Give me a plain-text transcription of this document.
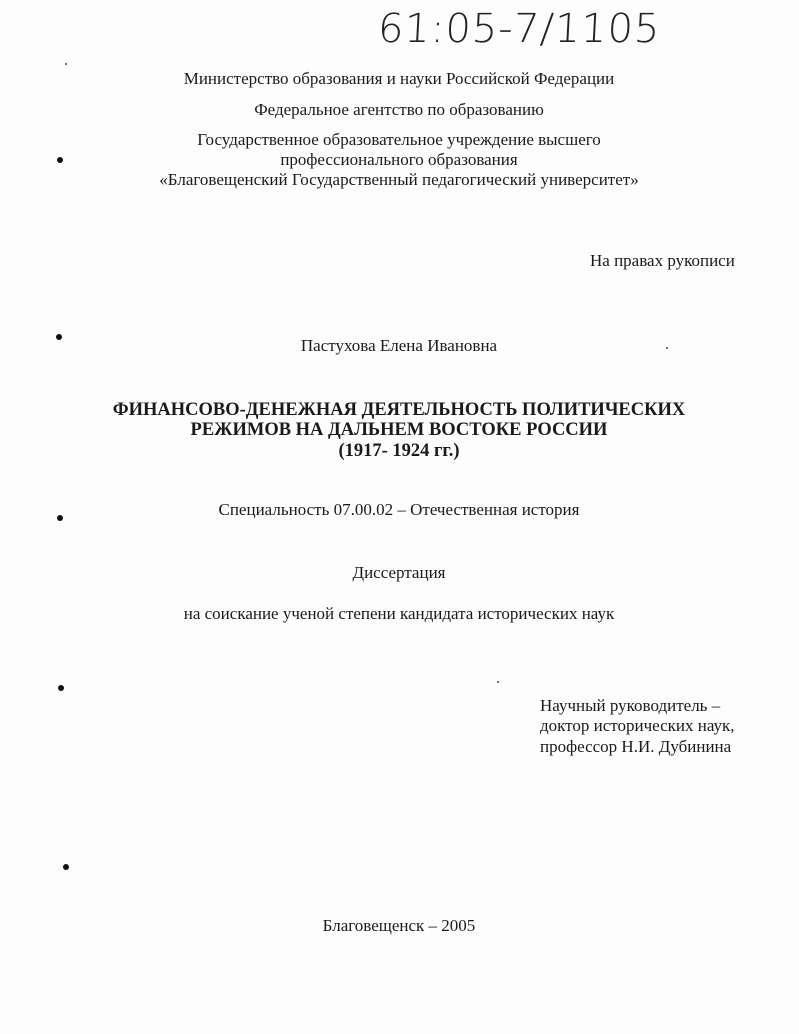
61:05-7/1105
Министерство образования и науки Российской Федерации
Федеральное агентство по образованию
Государственное образовательное учреждение высшего
профессионального образования
«Благовещенский Государственный педагогический университет»
На правах рукописи
Пастухова Елена Ивановна
ФИНАНСОВО-ДЕНЕЖНАЯ ДЕЯТЕЛЬНОСТЬ ПОЛИТИЧЕСКИХ
РЕЖИМОВ НА ДАЛЬНЕМ ВОСТОКЕ РОССИИ
(1917- 1924 гг.)
Специальность 07.00.02 – Отечественная история
Диссертация
на соискание ученой степени кандидата исторических наук
Научный руководитель –
доктор исторических наук,
профессор Н.И. Дубинина
Благовещенск – 2005
